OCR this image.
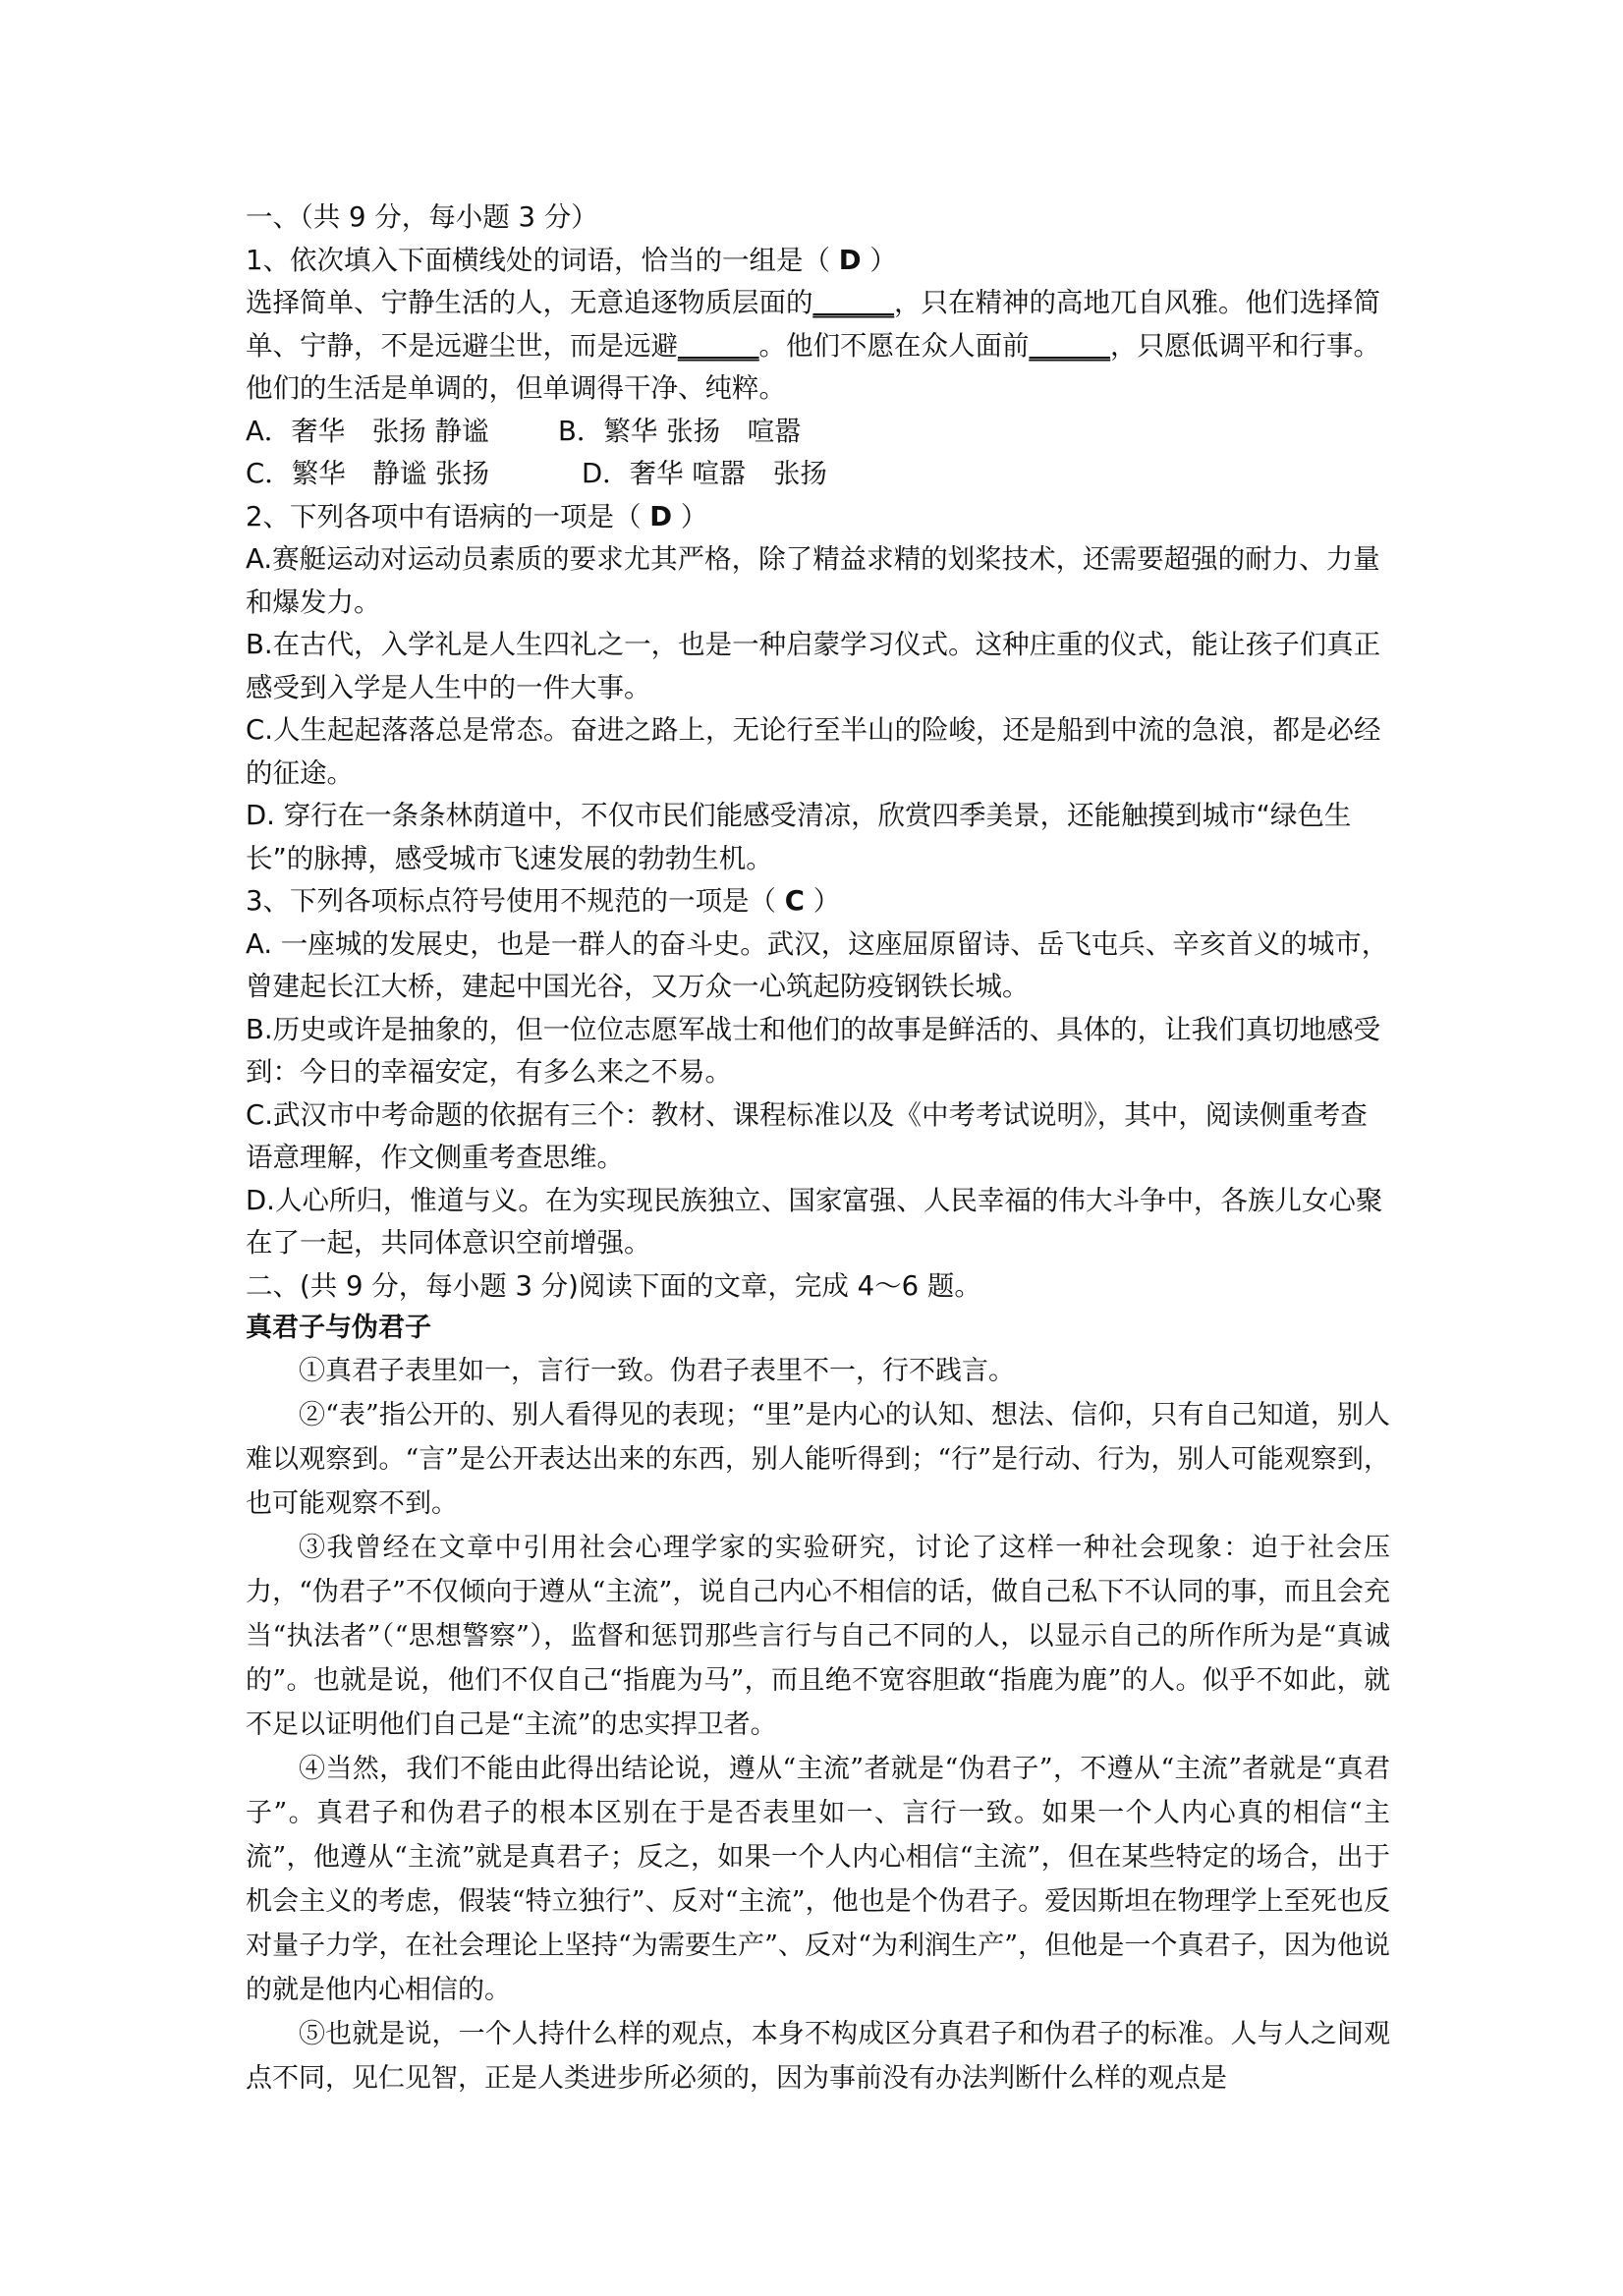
一、（共 9 分，每小题 3 分）

1、依次填入下面横线处的词语，恰当的一组是（ D ）

选择简单、宁静生活的人，无意追逐物质层面的______，只在精神的高地兀自风雅。他们选择简单、宁静，不是远避尘世，而是远避______。他们不愿在众人面前______，只愿低调平和行事。他们的生活是单调的，但单调得干净、纯粹。

A．奢华　张扬 静谧	B．繁华 张扬　喧嚣

C．繁华　静谧 张扬	D．奢华 喧嚣　张扬

2、下列各项中有语病的一项是（ D ）

A.赛艇运动对运动员素质的要求尤其严格，除了精益求精的划桨技术，还需要超强的耐力、力量和爆发力。

B.在古代，入学礼是人生四礼之一，也是一种启蒙学习仪式。这种庄重的仪式，能让孩子们真正感受到入学是人生中的一件大事。

C.人生起起落落总是常态。奋进之路上，无论行至半山的险峻，还是船到中流的急浪，都是必经的征途。

D. 穿行在一条条林荫道中，不仅市民们能感受清凉，欣赏四季美景，还能触摸到城市“绿色生长”的脉搏，感受城市飞速发展的勃勃生机。

3、下列各项标点符号使用不规范的一项是（ C ）

A. 一座城的发展史，也是一群人的奋斗史。武汉，这座屈原留诗、岳飞屯兵、辛亥首义的城市，曾建起长江大桥，建起中国光谷，又万众一心筑起防疫钢铁长城。

B.历史或许是抽象的，但一位位志愿军战士和他们的故事是鲜活的、具体的，让我们真切地感受到：今日的幸福安定，有多么来之不易。

C.武汉市中考命题的依据有三个：教材、课程标准以及《中考考试说明》，其中，阅读侧重考查语意理解，作文侧重考查思维。

D.人心所归，惟道与义。在为实现民族独立、国家富强、人民幸福的伟大斗争中，各族儿女心聚在了一起，共同体意识空前增强。

二、(共 9 分，每小题 3 分)阅读下面的文章，完成 4～6 题。

真君子与伪君子

①真君子表里如一，言行一致。伪君子表里不一，行不践言。

②“表”指公开的、别人看得见的表现；“里”是内心的认知、想法、信仰，只有自己知道，别人难以观察到。“言”是公开表达出来的东西，别人能听得到；“行”是行动、行为，别人可能观察到，也可能观察不到。

③我曾经在文章中引用社会心理学家的实验研究，讨论了这样一种社会现象：迫于社会压力，“伪君子”不仅倾向于遵从“主流”，说自己内心不相信的话，做自己私下不认同的事，而且会充当“执法者”（“思想警察”），监督和惩罚那些言行与自己不同的人，以显示自己的所作所为是“真诚的”。也就是说，他们不仅自己“指鹿为马”，而且绝不宽容胆敢“指鹿为鹿”的人。似乎不如此，就不足以证明他们自己是“主流”的忠实捍卫者。

④当然，我们不能由此得出结论说，遵从“主流”者就是“伪君子”，不遵从“主流”者就是“真君子”。真君子和伪君子的根本区别在于是否表里如一、言行一致。如果一个人内心真的相信“主流”，他遵从“主流”就是真君子；反之，如果一个人内心相信“主流”，但在某些特定的场合，出于机会主义的考虑，假装“特立独行”、反对“主流”，他也是个伪君子。爱因斯坦在物理学上至死也反对量子力学，在社会理论上坚持“为需要生产”、反对“为利润生产”，但他是一个真君子，因为他说的就是他内心相信的。

⑤也就是说，一个人持什么样的观点，本身不构成区分真君子和伪君子的标准。人与人之间观点不同，见仁见智，正是人类进步所必须的，因为事前没有办法判断什么样的观点是
